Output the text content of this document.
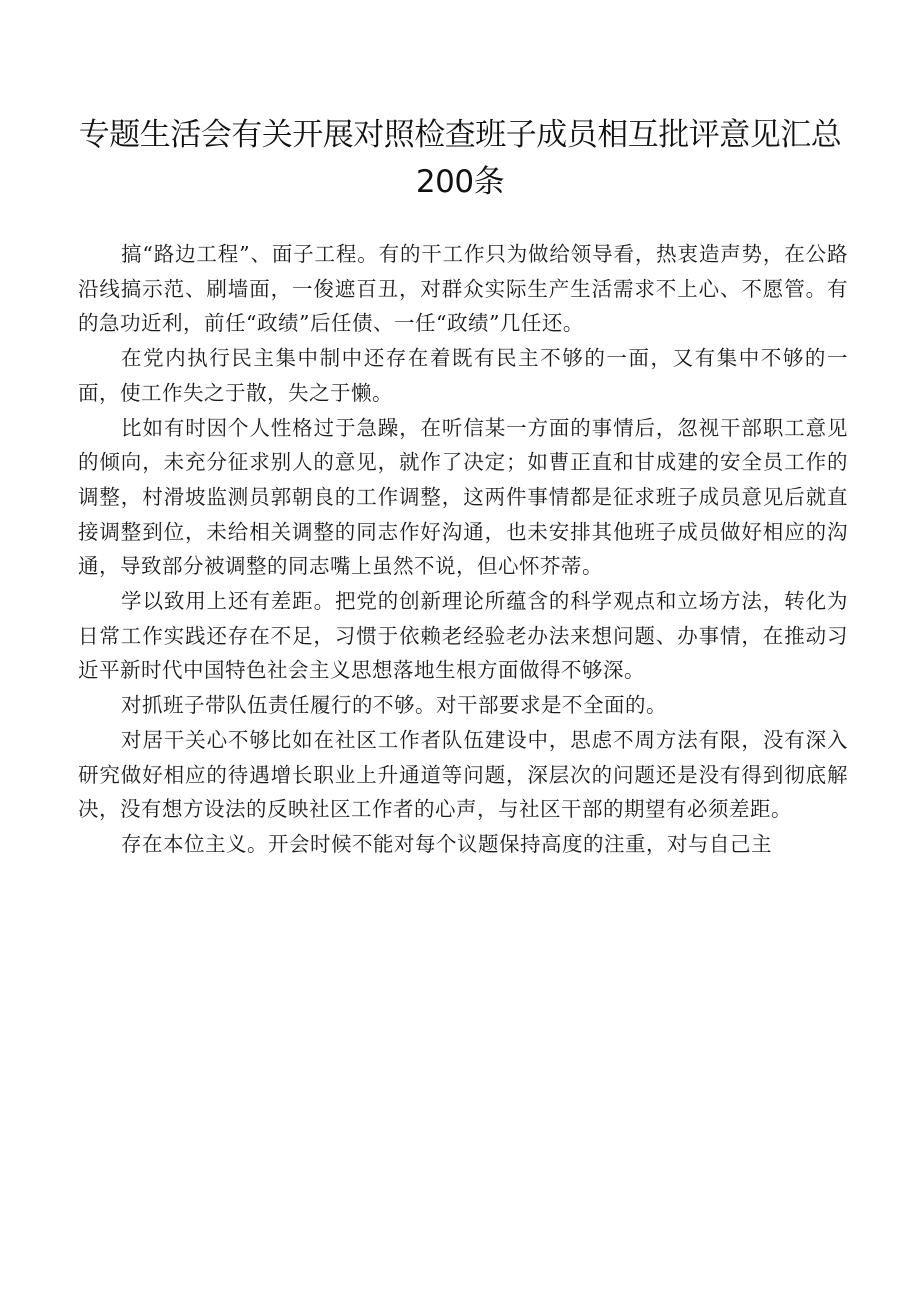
专题生活会有关开展对照检查班子成员相互批评意见汇总200条

搞“路边工程”、面子工程。有的干工作只为做给领导看，热衷造声势，在公路沿线搞示范、刷墙面，一俊遮百丑，对群众实际生产生活需求不上心、不愿管。有的急功近利，前任“政绩”后任债、一任“政绩”几任还。

在党内执行民主集中制中还存在着既有民主不够的一面，又有集中不够的一面，使工作失之于散，失之于懒。

比如有时因个人性格过于急躁，在听信某一方面的事情后，忽视干部职工意见的倾向，未充分征求别人的意见，就作了决定；如曹正直和甘成建的安全员工作的调整，村滑坡监测员郭朝良的工作调整，这两件事情都是征求班子成员意见后就直接调整到位，未给相关调整的同志作好沟通，也未安排其他班子成员做好相应的沟通，导致部分被调整的同志嘴上虽然不说，但心怀芥蒂。

学以致用上还有差距。把党的创新理论所蕴含的科学观点和立场方法，转化为日常工作实践还存在不足，习惯于依赖老经验老办法来想问题、办事情，在推动习近平新时代中国特色社会主义思想落地生根方面做得不够深。

对抓班子带队伍责任履行的不够。对干部要求是不全面的。

对居干关心不够比如在社区工作者队伍建设中，思虑不周方法有限，没有深入研究做好相应的待遇增长职业上升通道等问题，深层次的问题还是没有得到彻底解决，没有想方设法的反映社区工作者的心声，与社区干部的期望有必须差距。

存在本位主义。开会时候不能对每个议题保持高度的注重，对与自己主
